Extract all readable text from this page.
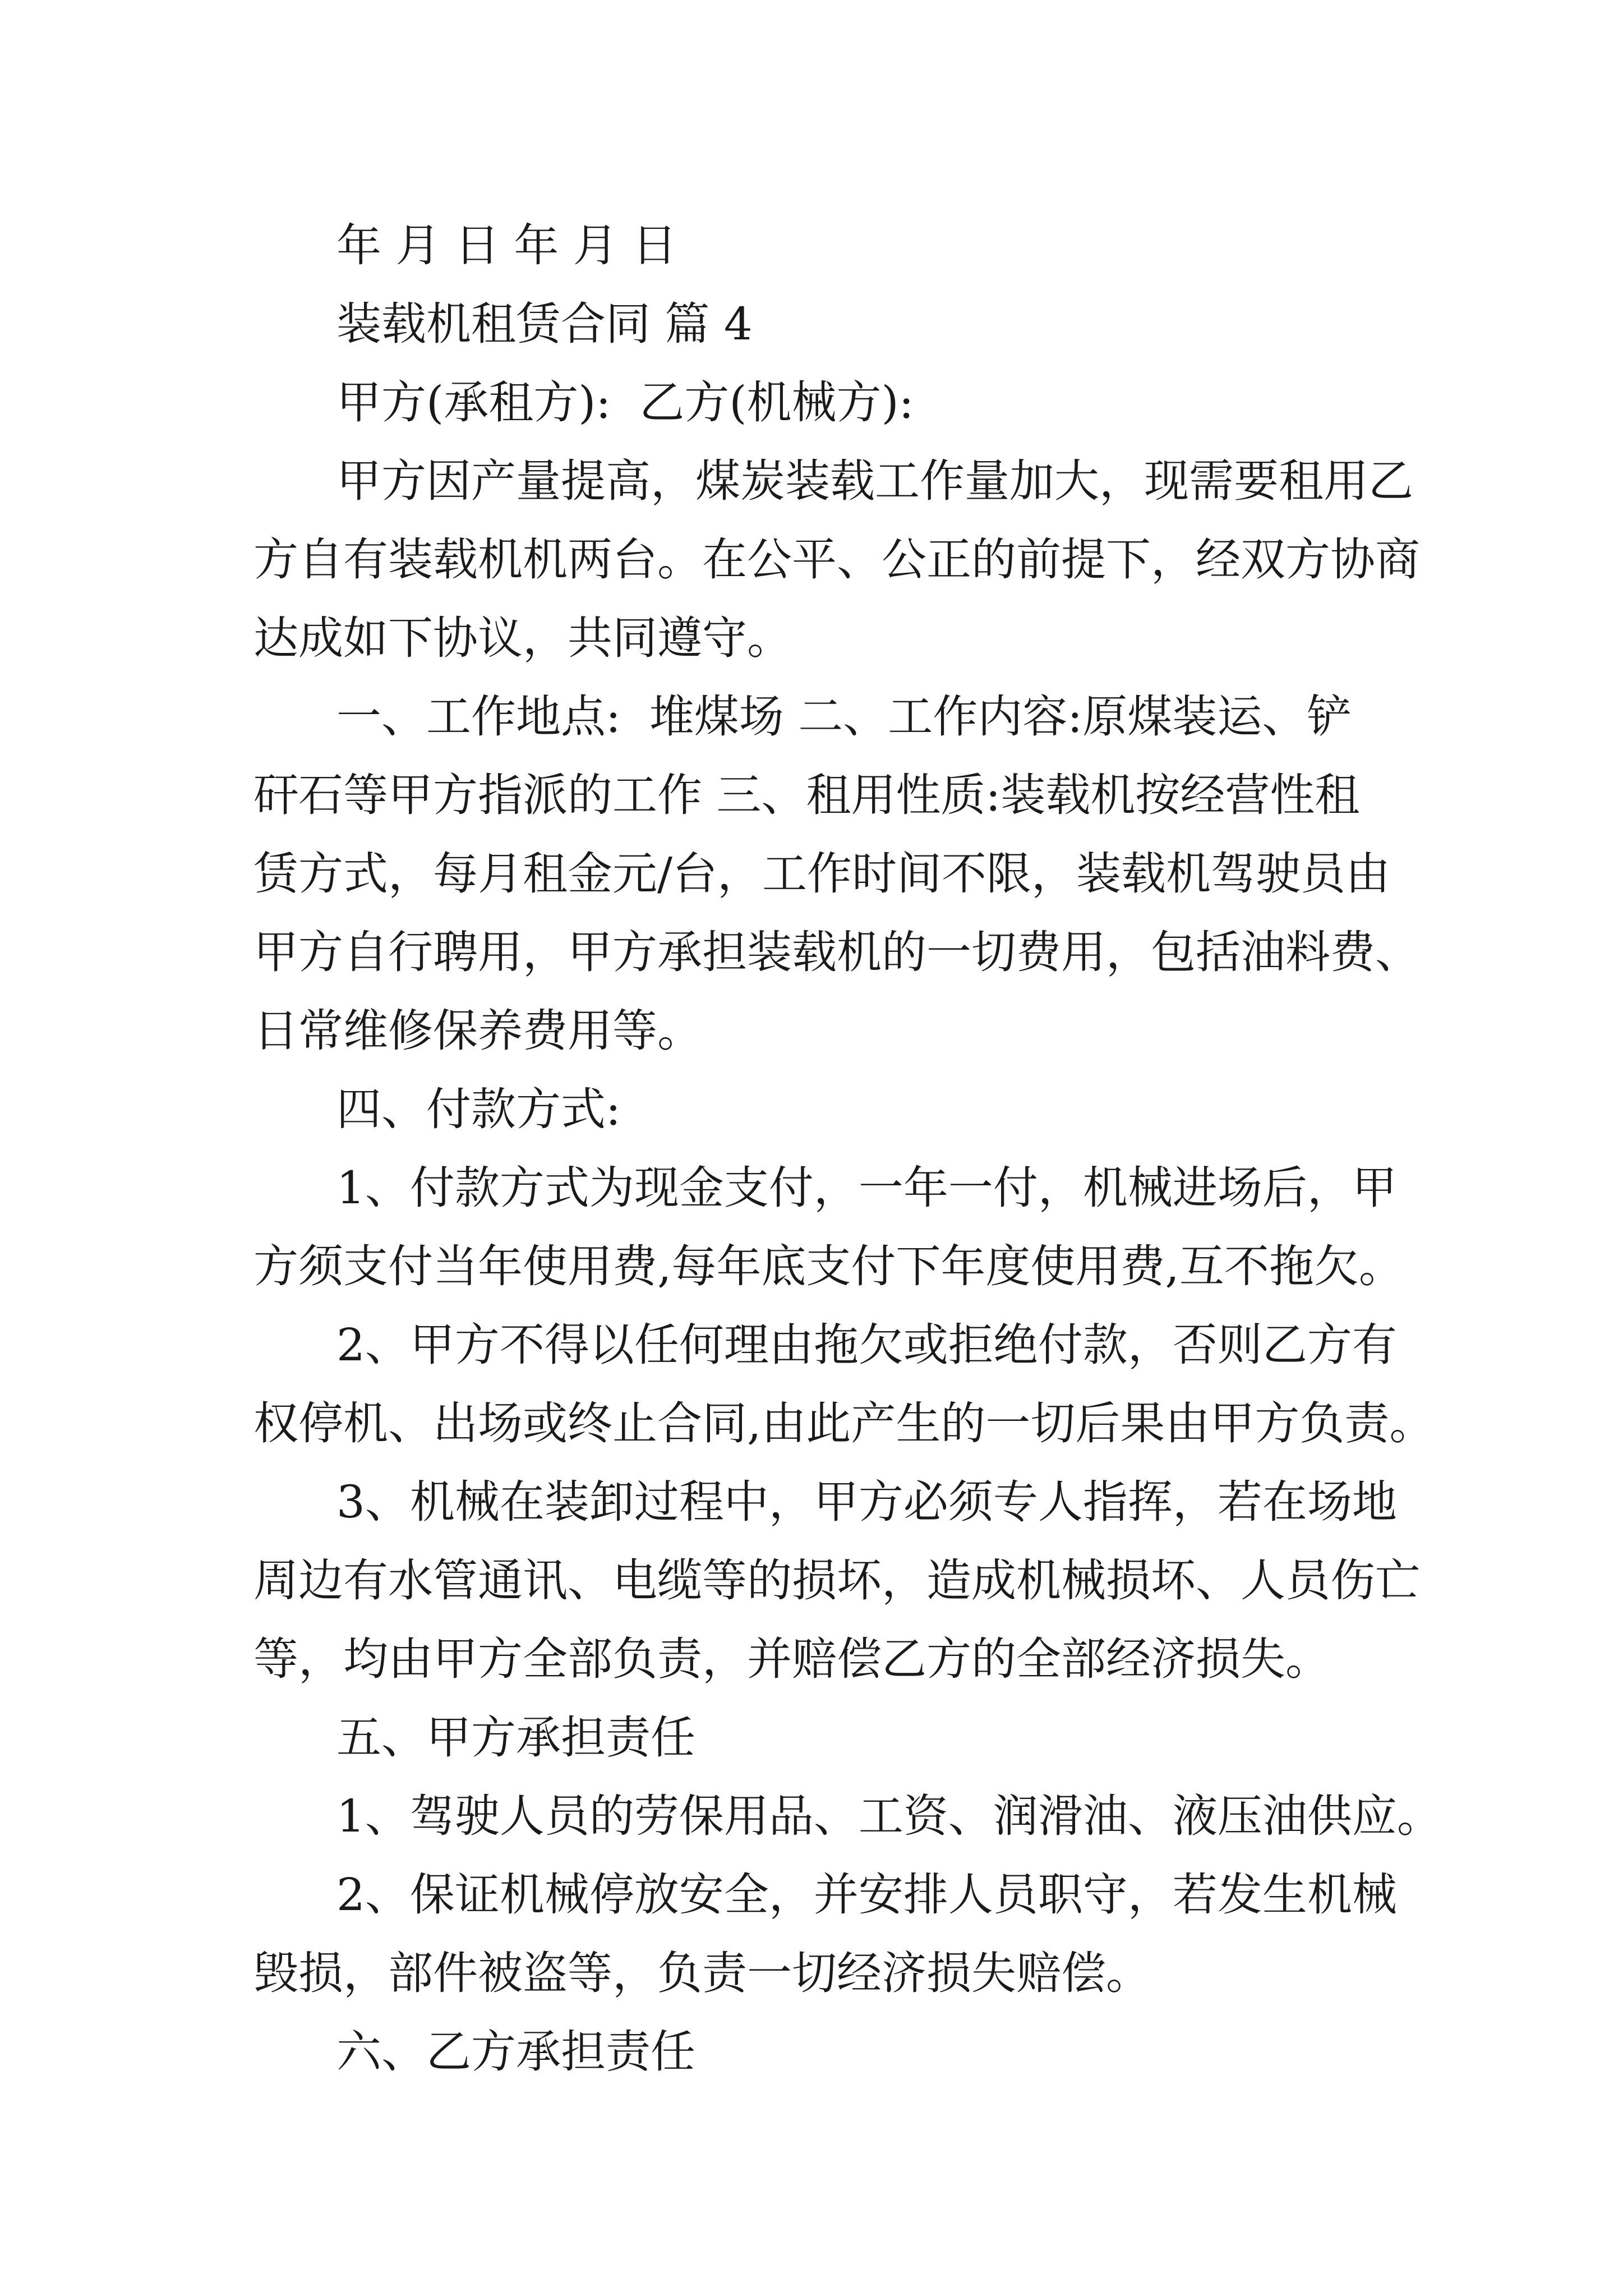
年 月 日 年 月 日

装载机租赁合同 篇 4

甲方(承租方):  乙方(机械方):

甲方因产量提高，煤炭装载工作量加大，现需要租用乙

方自有装载机机两台。在公平、公正的前提下，经双方协商

达成如下协议，共同遵守。

一、工作地点:  堆煤场 二、工作内容:原煤装运、铲

矸石等甲方指派的工作 三、租用性质:装载机按经营性租

赁方式，每月租金元/台，工作时间不限，装载机驾驶员由

甲方自行聘用，甲方承担装载机的一切费用，包括油料费、

日常维修保养费用等。

四、付款方式:

1、付款方式为现金支付，一年一付，机械进场后，甲

方须支付当年使用费,每年底支付下年度使用费,互不拖欠。

2、甲方不得以任何理由拖欠或拒绝付款，否则乙方有

权停机、出场或终止合同,由此产生的一切后果由甲方负责。

3、机械在装卸过程中，甲方必须专人指挥，若在场地

周边有水管通讯、电缆等的损坏，造成机械损坏、人员伤亡

等，均由甲方全部负责，并赔偿乙方的全部经济损失。

五、甲方承担责任

1、驾驶人员的劳保用品、工资、润滑油、液压油供应。

2、保证机械停放安全，并安排人员职守，若发生机械

毁损，部件被盗等，负责一切经济损失赔偿。

六、乙方承担责任
